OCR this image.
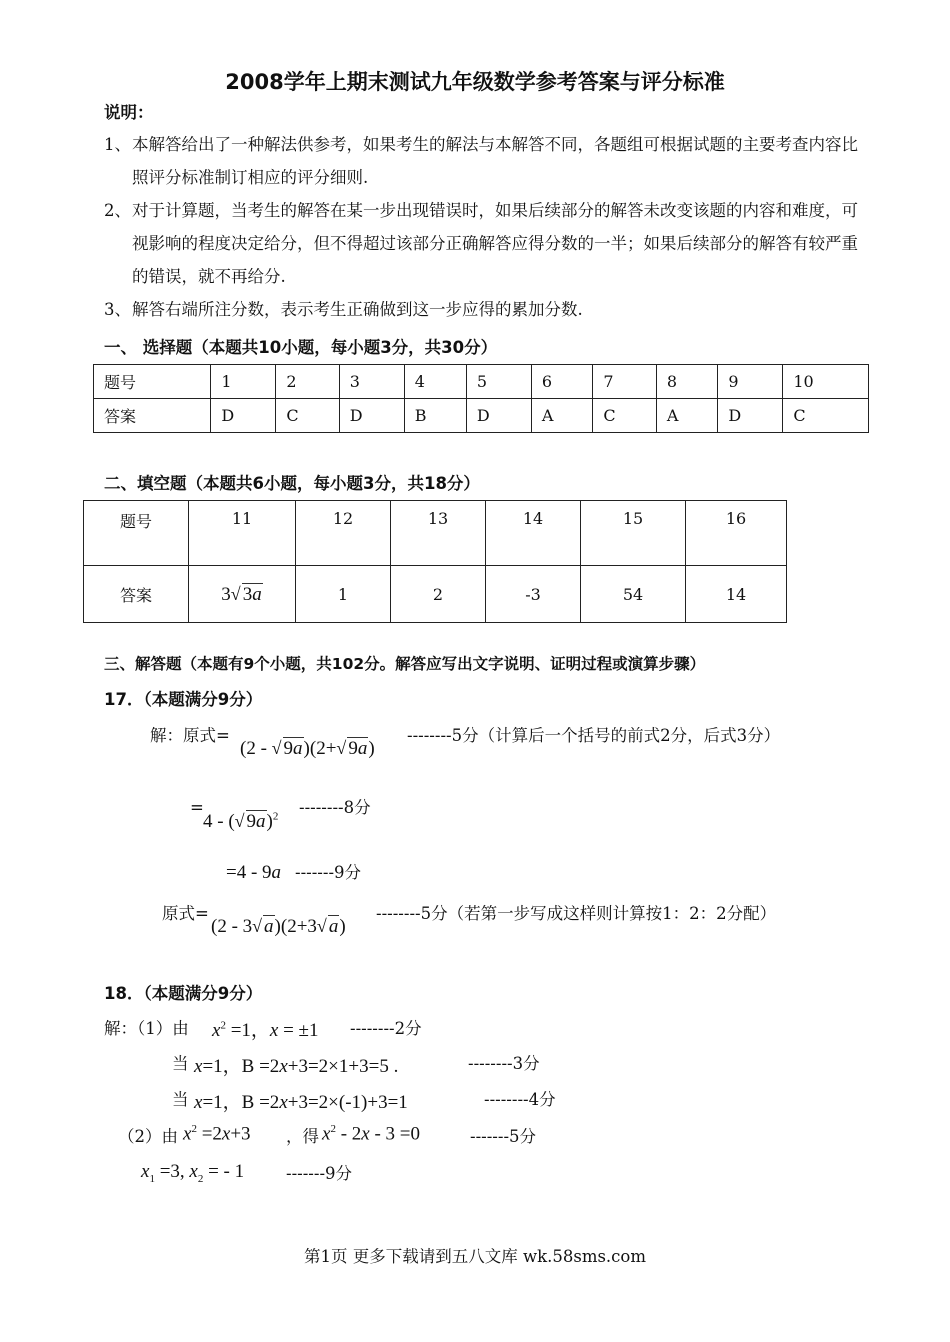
2008学年上期末测试九年级数学参考答案与评分标准
说明：
1、 本解答给出了一种解法供参考，如果考生的解法与本解答不同，各题组可根据试题的主要考查内容比照评分标准制订相应的评分细则.
2、 对于计算题，当考生的解答在某一步出现错误时，如果后续部分的解答未改变该题的内容和难度，可视影响的程度决定给分，但不得超过该部分正确解答应得分数的一半；如果后续部分的解答有较严重的错误，就不再给分.
3、 解答右端所注分数，表示考生正确做到这一步应得的累加分数.
一、 选择题（本题共10小题，每小题3分，共30分）
题号	1	2	3	4	5	6	7	8	9	10
答案	D	C	D	B	D	A	C	A	D	C
二、填空题（本题共6小题，每小题3分，共18分）
题号	11	12	13	14	15	16
答案	3√ 3a	1	2	-3	54	14
三、解答题（本题有9个小题，共102分。解答应写出文字说明、证明过程或演算步骤）
17．（本题满分9分）
解：原式=
(2 - √ 9a)(2+√ 9a)
--------5分（计算后一个括号的前式2分，后式3分）
=
4 - (√ 9a)$^2$ --------8分
=4 - 9a -------9分
原式=
(2 - 3√ a)(2+3√ a)
--------5分（若第一步写成这样则计算按1：2：2分配）
18．（本题满分9分）
解：（1）由 $x^2 =1$，x = ±1 --------2分
当 x=1，B =2x+3=2×1+3=5 .	--------3分
当 x=1，B =2x+3=2×(-1)+3=1	--------4分
（2）由 $x^2 =2x+3$ ，得 $x^2 - 2x - 3 =0$	-------5分
$x_1 =3$, $x_2$ = - 1	-------9分
第1页 更多下载请到五八文库 wk.58sms.com
